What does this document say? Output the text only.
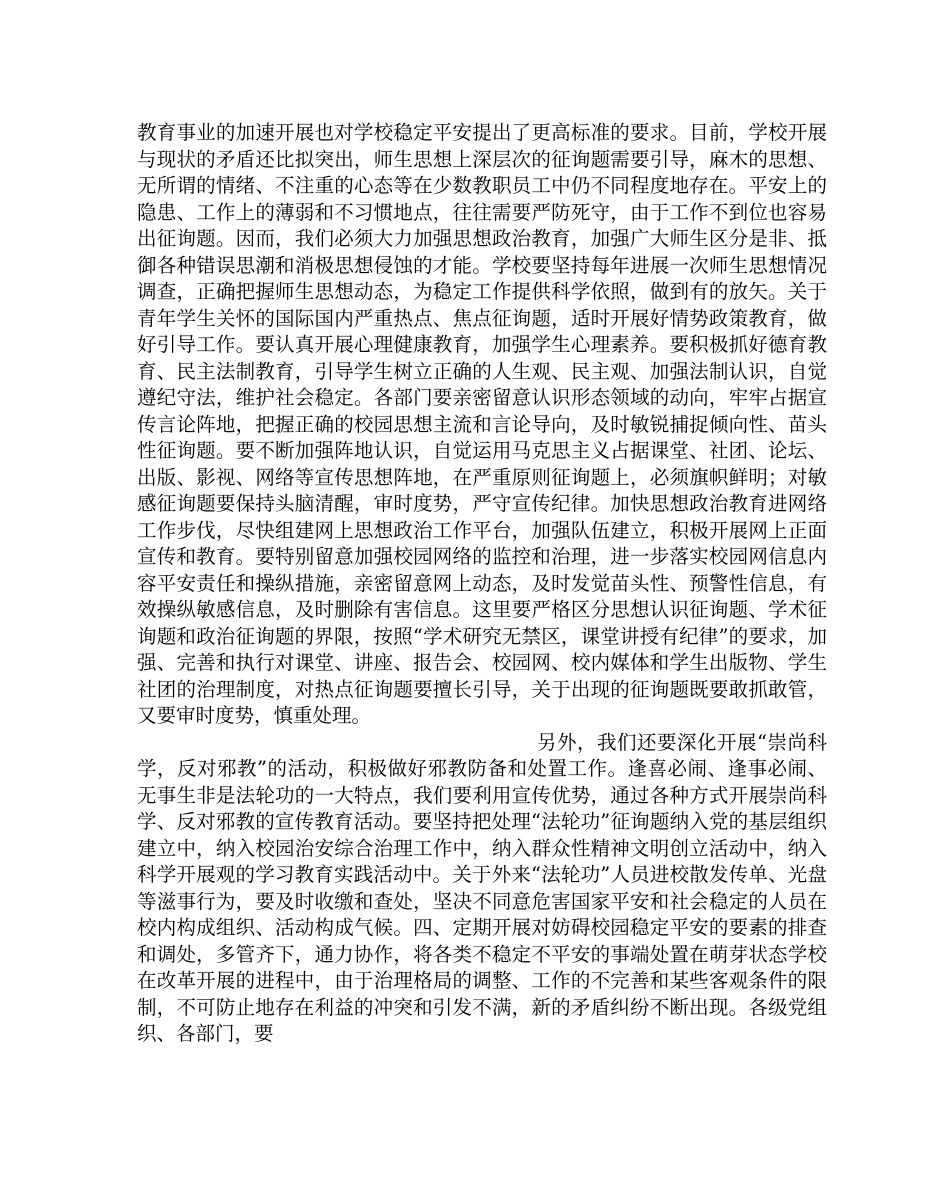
教育事业的加速开展也对学校稳定平安提出了更高标准的要求。目前，学校开展与现状的矛盾还比拟突出，师生思想上深层次的征询题需要引导，麻木的思想、无所谓的情绪、不注重的心态等在少数教职员工中仍不同程度地存在。平安上的隐患、工作上的薄弱和不习惯地点，往往需要严防死守，由于工作不到位也容易出征询题。因而，我们必须大力加强思想政治教育，加强广大师生区分是非、抵御各种错误思潮和消极思想侵蚀的才能。学校要坚持每年进展一次师生思想情况调查，正确把握师生思想动态，为稳定工作提供科学依照，做到有的放矢。关于青年学生关怀的国际国内严重热点、焦点征询题，适时开展好情势政策教育，做好引导工作。要认真开展心理健康教育，加强学生心理素养。要积极抓好德育教育、民主法制教育，引导学生树立正确的人生观、民主观、加强法制认识，自觉遵纪守法，维护社会稳定。各部门要亲密留意认识形态领域的动向，牢牢占据宣传言论阵地，把握正确的校园思想主流和言论导向，及时敏锐捕捉倾向性、苗头性征询题。要不断加强阵地认识，自觉运用马克思主义占据课堂、社团、论坛、出版、影视、网络等宣传思想阵地，在严重原则征询题上，必须旗帜鲜明；对敏感征询题要保持头脑清醒，审时度势，严守宣传纪律。加快思想政治教育进网络工作步伐，尽快组建网上思想政治工作平台，加强队伍建立，积极开展网上正面宣传和教育。要特别留意加强校园网络的监控和治理，进一步落实校园网信息内容平安责任和操纵措施，亲密留意网上动态，及时发觉苗头性、预警性信息，有效操纵敏感信息，及时删除有害信息。这里要严格区分思想认识征询题、学术征询题和政治征询题的界限，按照“学术研究无禁区，课堂讲授有纪律”的要求，加强、完善和执行对课堂、讲座、报告会、校园网、校内媒体和学生出版物、学生社团的治理制度，对热点征询题要擅长引导，关于出现的征询题既要敢抓敢管，又要审时度势，慎重处理。

另外，我们还要深化开展“崇尚科学，反对邪教”的活动，积极做好邪教防备和处置工作。逢喜必闹、逢事必闹、无事生非是法轮功的一大特点，我们要利用宣传优势，通过各种方式开展崇尚科学、反对邪教的宣传教育活动。要坚持把处理“法轮功”征询题纳入党的基层组织建立中，纳入校园治安综合治理工作中，纳入群众性精神文明创立活动中，纳入科学开展观的学习教育实践活动中。关于外来“法轮功”人员进校散发传单、光盘等滋事行为，要及时收缴和查处，坚决不同意危害国家平安和社会稳定的人员在校内构成组织、活动构成气候。四、定期开展对妨碍校园稳定平安的要素的排查和调处，多管齐下，通力协作，将各类不稳定不平安的事端处置在萌芽状态学校在改革开展的进程中，由于治理格局的调整、工作的不完善和某些客观条件的限制，不可防止地存在利益的冲突和引发不满，新的矛盾纠纷不断出现。各级党组织、各部门，要
